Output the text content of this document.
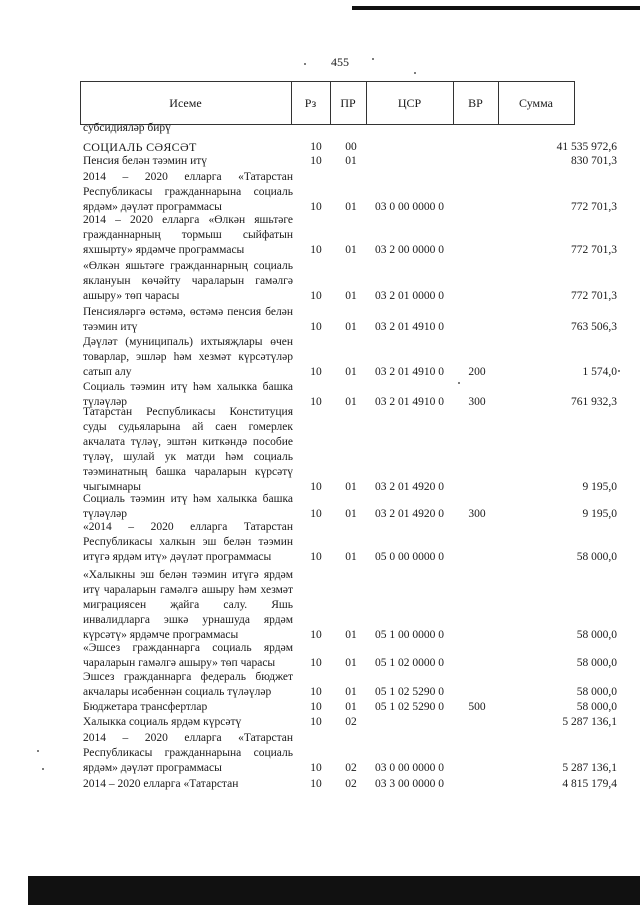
455
Исеме	Рз	ПР	ЦСР	ВР	Сумма
субсидияләр бирү
СОЦИАЛЬ СӘЯСӘТ	10	00	41 535 972,6
Пенсия белән тәэмин итү	10	01	830 701,3
2014 – 2020 елларга «Татарстан Республикасы гражданнарына социаль ярдәм» дәүләт программасы	10	01	03 0 00 0000 0	772 701,3
2014 – 2020 елларга «Өлкән яшьтәге гражданнарның тормыш сыйфатын яхшырту» ярдәмче программасы	10	01	03 2 00 0000 0	772 701,3
«Өлкән яшьтәге гражданнарның социаль яклануын көчәйту чараларын гамәлгә ашыру» төп чарасы	10	01	03 2 01 0000 0	772 701,3
Пенсияләргә өстәмә, өстәмә пенсия белән тәэмин итү	10	01	03 2 01 4910 0	763 506,3
Дәүләт (муниципаль) ихтыяҗлары өчен товарлар, эшләр һәм хезмәт күрсәтүләр сатып алу	10	01	03 2 01 4910 0	200	1 574,0
Социаль тәэмин итү һәм халыкка башка түләүләр	10	01	03 2 01 4910 0	300	761 932,3
Татарстан Республикасы Конституция суды судьяларына ай саен гомерлек акчалата түләү, эштән киткәндә пособие түләү, шулай ук матди һәм социаль тәэминатның башка чараларын күрсәтү чыгымнары	10	01	03 2 01 4920 0	9 195,0
Социаль тәэмин итү һәм халыкка башка түләүләр	10	01	03 2 01 4920 0	300	9 195,0
«2014 – 2020 елларга Татарстан Республикасы халкын эш белән тәэмин итүгә ярдәм итү» дәүләт программасы	10	01	05 0 00 0000 0	58 000,0
«Халыкны эш белән тәэмин итүгә ярдәм итү чараларын гамәлгә ашыру һәм хезмәт миграциясен җайга салу. Яшь инвалидларга эшкә урнашуда ярдәм күрсәтү» ярдәмче программасы	10	01	05 1 00 0000 0	58 000,0
«Эшсез гражданнарга социаль ярдәм чараларын гамәлгә ашыру» төп чарасы	10	01	05 1 02 0000 0	58 000,0
Эшсез гражданнарга федераль бюджет акчалары исәбеннән социаль түләүләр	10	01	05 1 02 5290 0	58 000,0
Бюджетара трансфертлар	10	01	05 1 02 5290 0	500	58 000,0
Халыкка социаль ярдәм күрсәтү	10	02	5 287 136,1
2014 – 2020 елларга «Татарстан Республикасы гражданнарына социаль ярдәм» дәүләт программасы	10	02	03 0 00 0000 0	5 287 136,1
2014 – 2020 елларга «Татарстан	10	02	03 3 00 0000 0	4 815 179,4
